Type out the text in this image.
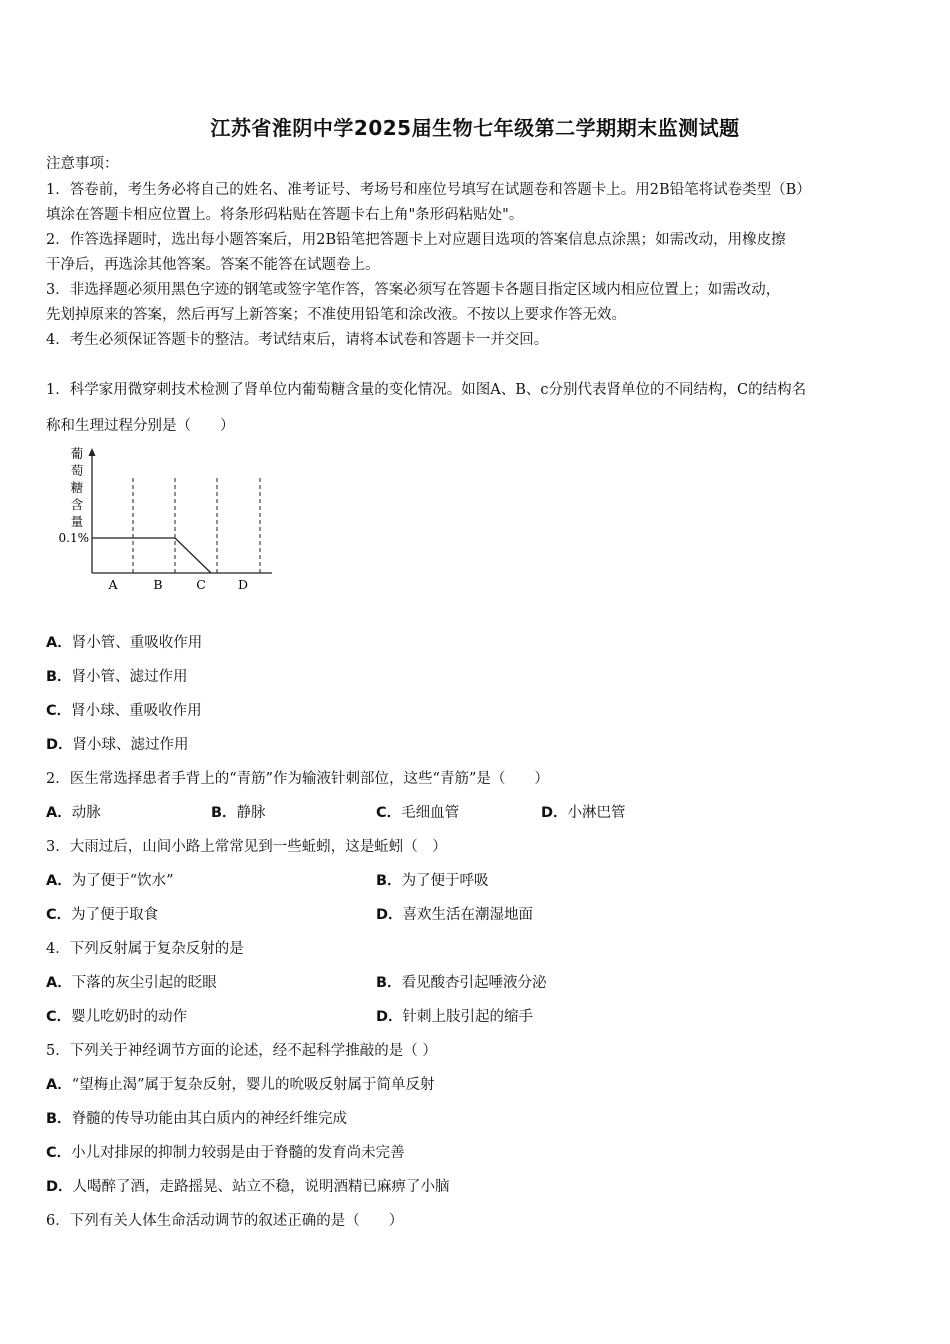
江苏省淮阴中学2025届生物七年级第二学期期末监测试题
注意事项：
1．答卷前，考生务必将自己的姓名、准考证号、考场号和座位号填写在试题卷和答题卡上。用2B铅笔将试卷类型（B）
填涂在答题卡相应位置上。将条形码粘贴在答题卡右上角"条形码粘贴处"。
2．作答选择题时，选出每小题答案后，用2B铅笔把答题卡上对应题目选项的答案信息点涂黑；如需改动，用橡皮擦
干净后，再选涂其他答案。答案不能答在试题卷上。
3．非选择题必须用黑色字迹的钢笔或签字笔作答，答案必须写在答题卡各题目指定区域内相应位置上；如需改动，
先划掉原来的答案，然后再写上新答案；不准使用铅笔和涂改液。不按以上要求作答无效。
4．考生必须保证答题卡的整洁。考试结束后，请将本试卷和答题卡一并交回。
1．科学家用微穿刺技术检测了肾单位内葡萄糖含量的变化情况。如图A、B、c分别代表肾单位的不同结构，C的结构名
称和生理过程分别是（　　）
葡
萄
糖
含
量
0.1%
A	B	C	D
A．肾小管、重吸收作用
B．肾小管、滤过作用
C．肾小球、重吸收作用
D．肾小球、滤过作用
2．医生常选择患者手背上的“青筋”作为输液针刺部位，这些“青筋”是（　　）
A．动脉	B．静脉	C．毛细血管	D．小淋巴管
3．大雨过后，山间小路上常常见到一些蚯蚓，这是蚯蚓（　）
A．为了便于“饮水”	B．为了便于呼吸
C．为了便于取食	D．喜欢生活在潮湿地面
4．下列反射属于复杂反射的是
A．下落的灰尘引起的眨眼	B．看见酸杏引起唾液分泌
C．婴儿吃奶时的动作	D．针刺上肢引起的缩手
5．下列关于神经调节方面的论述，经不起科学推敲的是（ ）
A．“望梅止渴”属于复杂反射，婴儿的吮吸反射属于简单反射
B．脊髓的传导功能由其白质内的神经纤维完成
C．小儿对排尿的抑制力较弱是由于脊髓的发育尚未完善
D．人喝醉了酒，走路摇晃、站立不稳，说明酒精已麻痹了小脑
6．下列有关人体生命活动调节的叙述正确的是（　　）
